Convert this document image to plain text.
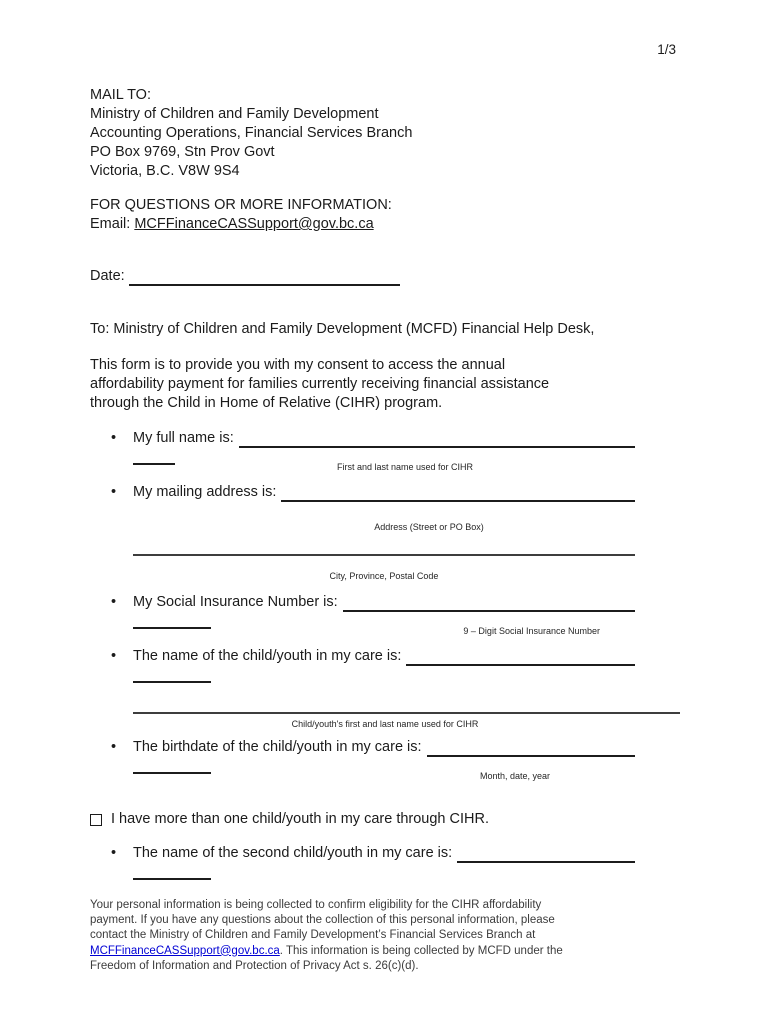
1/3
MAIL TO:
Ministry of Children and Family Development
Accounting Operations, Financial Services Branch
PO Box 9769, Stn Prov Govt
Victoria, B.C. V8W 9S4
FOR QUESTIONS OR MORE INFORMATION:
Email: MCFFinanceCASSupport@gov.bc.ca
Date:

To: Ministry of Children and Family Development (MCFD) Financial Help Desk,
This form is to provide you with my consent to access the annual
affordability payment for families currently receiving financial assistance
through the Child in Home of Relative (CIHR) program.
•	My full name is:
First and last name used for CIHR
•	My mailing address is:
Address (Street or PO Box)
City, Province, Postal Code
•	My Social Insurance Number is:
9 – Digit Social Insurance Number
•	The name of the child/youth in my care is:
Child/youth's first and last name used for CIHR
•	The birthdate of the child/youth in my care is:
Month, date, year
I have more than one child/youth in my care through CIHR.
•	The name of the second child/youth in my care is:
Your personal information is being collected to confirm eligibility for the CIHR affordability
payment. If you have any questions about the collection of this personal information, please
contact the Ministry of Children and Family Development’s Financial Services Branch at
MCFFinanceCASSupport@gov.bc.ca. This information is being collected by MCFD under the
Freedom of Information and Protection of Privacy Act s. 26(c)(d).
